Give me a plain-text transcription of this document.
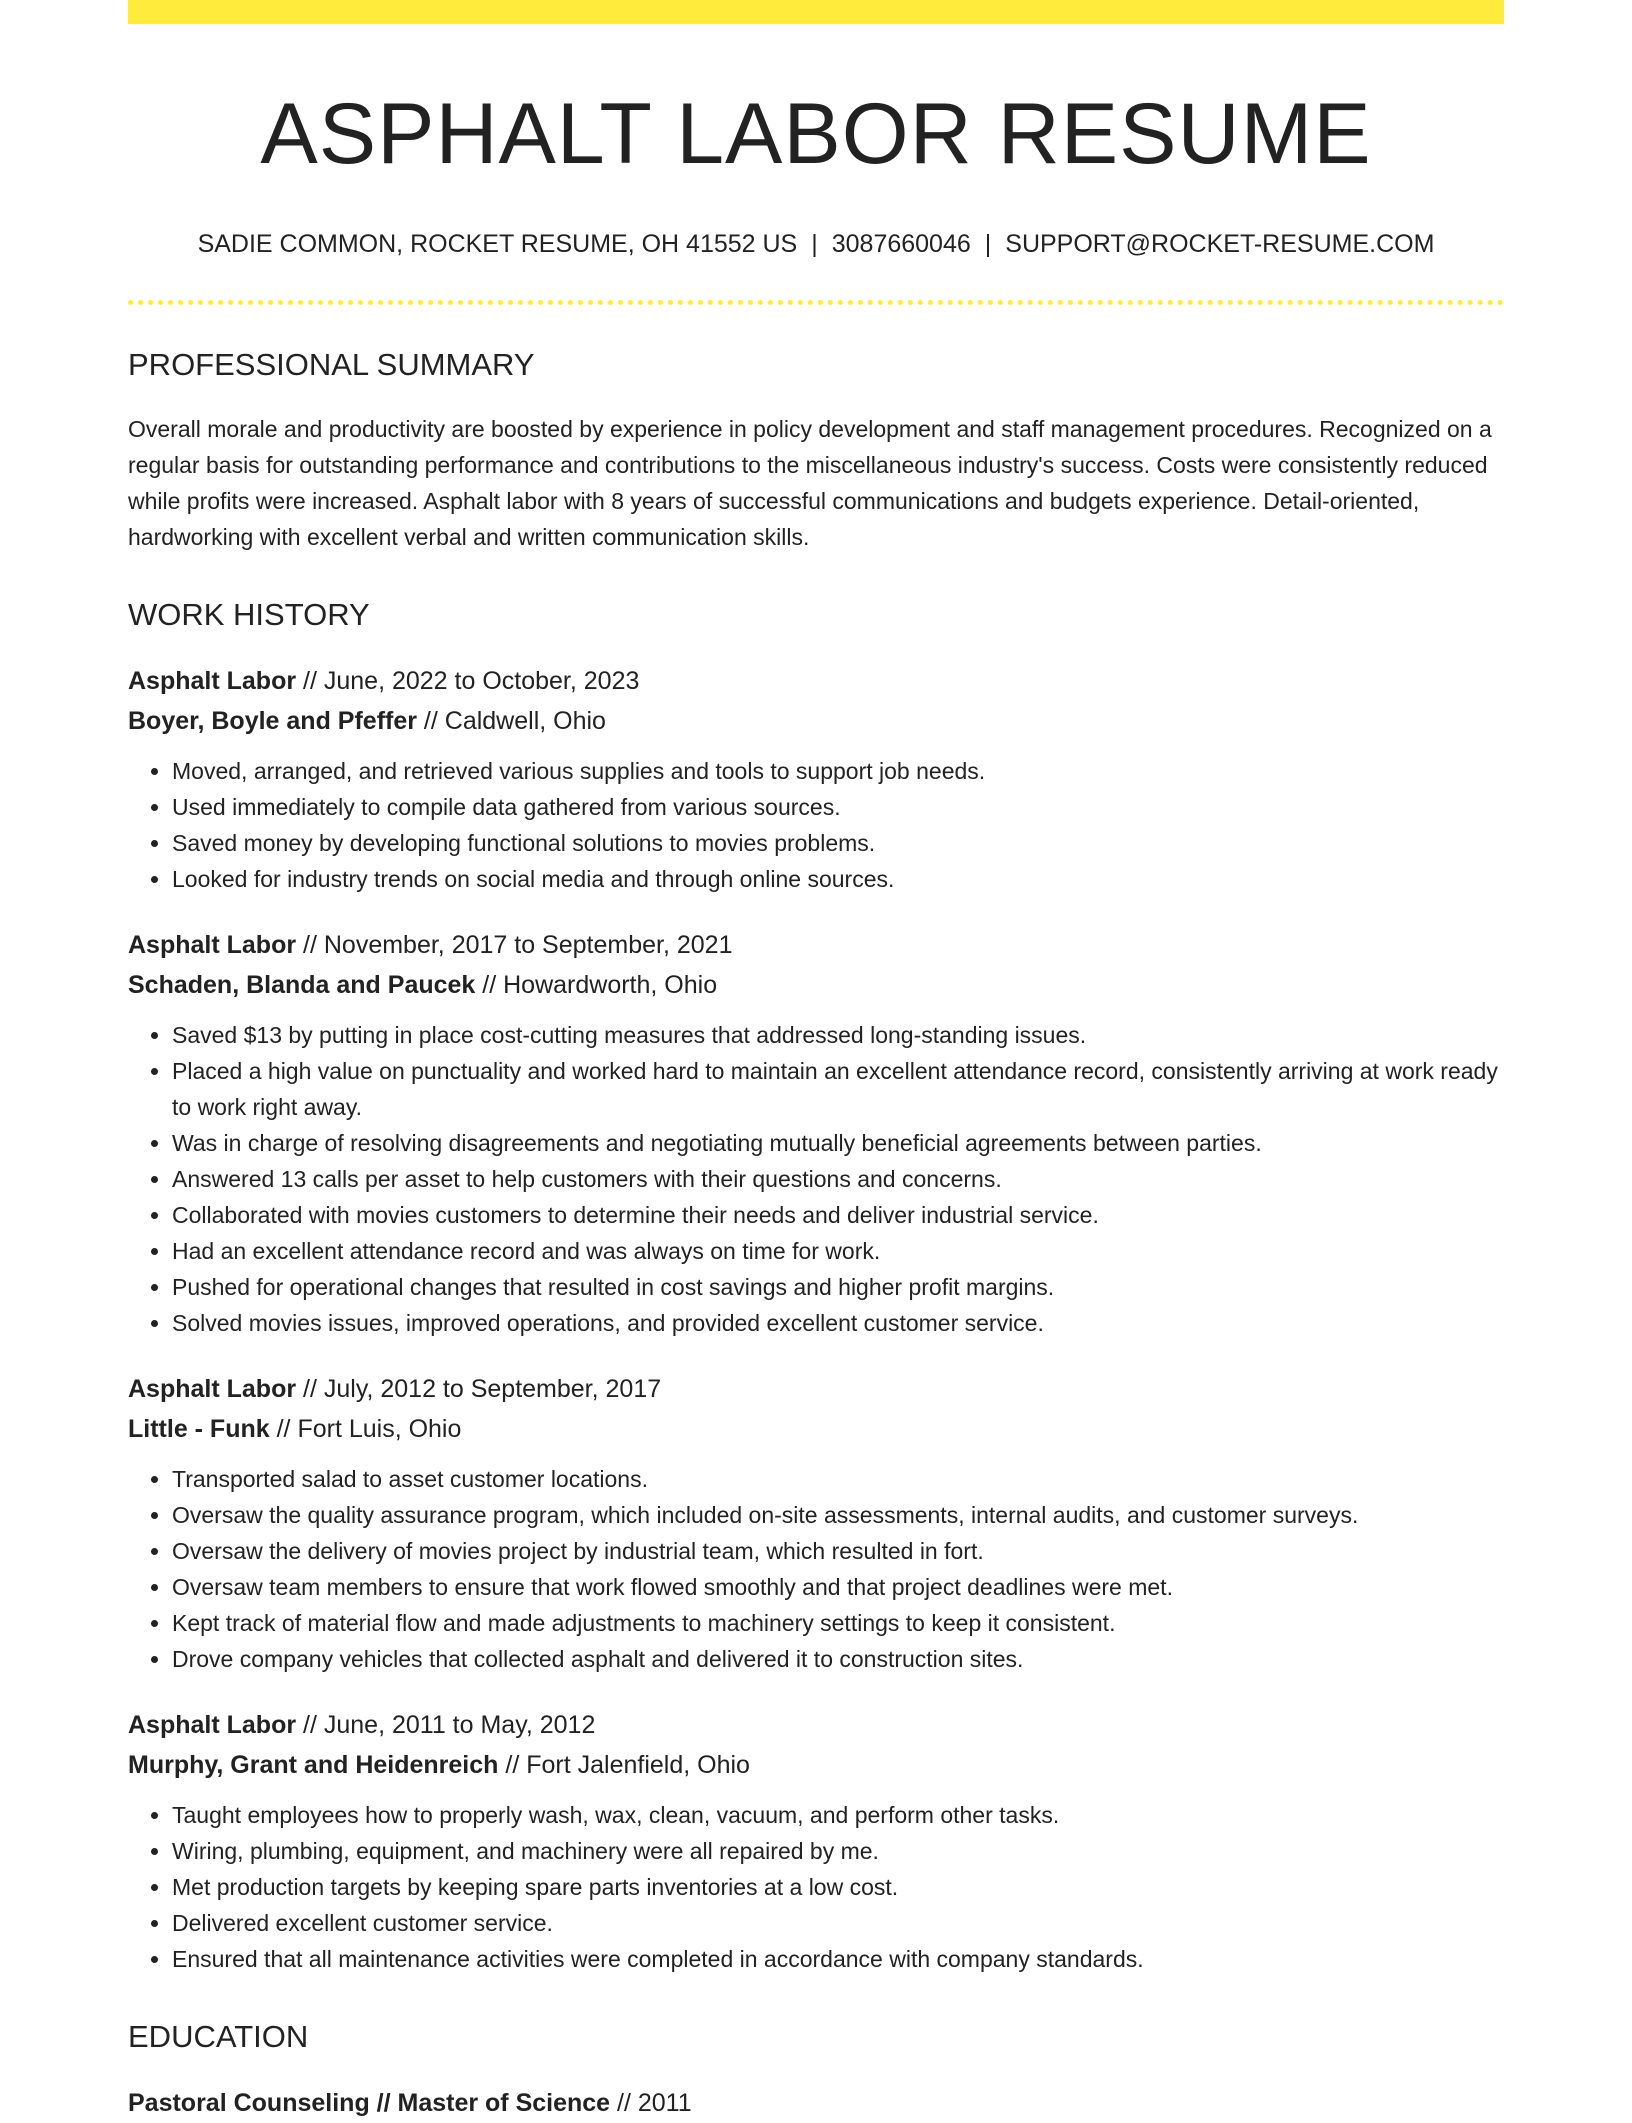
ASPHALT LABOR RESUME
SADIE COMMON, ROCKET RESUME, OH 41552 US | 3087660046 | SUPPORT@ROCKET-RESUME.COM
PROFESSIONAL SUMMARY

Overall morale and productivity are boosted by experience in policy development and staff management procedures. Recognized on a regular basis for outstanding performance and contributions to the miscellaneous industry's success. Costs were consistently reduced while profits were increased. Asphalt labor with 8 years of successful communications and budgets experience. Detail-oriented, hardworking with excellent verbal and written communication skills.

WORK HISTORY
Asphalt Labor // June, 2022 to October, 2023
Boyer, Boyle and Pfeffer // Caldwell, Ohio
• Moved, arranged, and retrieved various supplies and tools to support job needs.
• Used immediately to compile data gathered from various sources.
• Saved money by developing functional solutions to movies problems.
• Looked for industry trends on social media and through online sources.
Asphalt Labor // November, 2017 to September, 2021
Schaden, Blanda and Paucek // Howardworth, Ohio
• Saved $13 by putting in place cost-cutting measures that addressed long-standing issues.
• Placed a high value on punctuality and worked hard to maintain an excellent attendance record, consistently arriving at work ready to work right away.
• Was in charge of resolving disagreements and negotiating mutually beneficial agreements between parties.
• Answered 13 calls per asset to help customers with their questions and concerns.
• Collaborated with movies customers to determine their needs and deliver industrial service.
• Had an excellent attendance record and was always on time for work.
• Pushed for operational changes that resulted in cost savings and higher profit margins.
• Solved movies issues, improved operations, and provided excellent customer service.
Asphalt Labor // July, 2012 to September, 2017
Little - Funk // Fort Luis, Ohio
• Transported salad to asset customer locations.
• Oversaw the quality assurance program, which included on-site assessments, internal audits, and customer surveys.
• Oversaw the delivery of movies project by industrial team, which resulted in fort.
• Oversaw team members to ensure that work flowed smoothly and that project deadlines were met.
• Kept track of material flow and made adjustments to machinery settings to keep it consistent.
• Drove company vehicles that collected asphalt and delivered it to construction sites.
Asphalt Labor // June, 2011 to May, 2012
Murphy, Grant and Heidenreich // Fort Jalenfield, Ohio
• Taught employees how to properly wash, wax, clean, vacuum, and perform other tasks.
• Wiring, plumbing, equipment, and machinery were all repaired by me.
• Met production targets by keeping spare parts inventories at a low cost.
• Delivered excellent customer service.
• Ensured that all maintenance activities were completed in accordance with company standards.
EDUCATION
Pastoral Counseling // Master of Science // 2011
